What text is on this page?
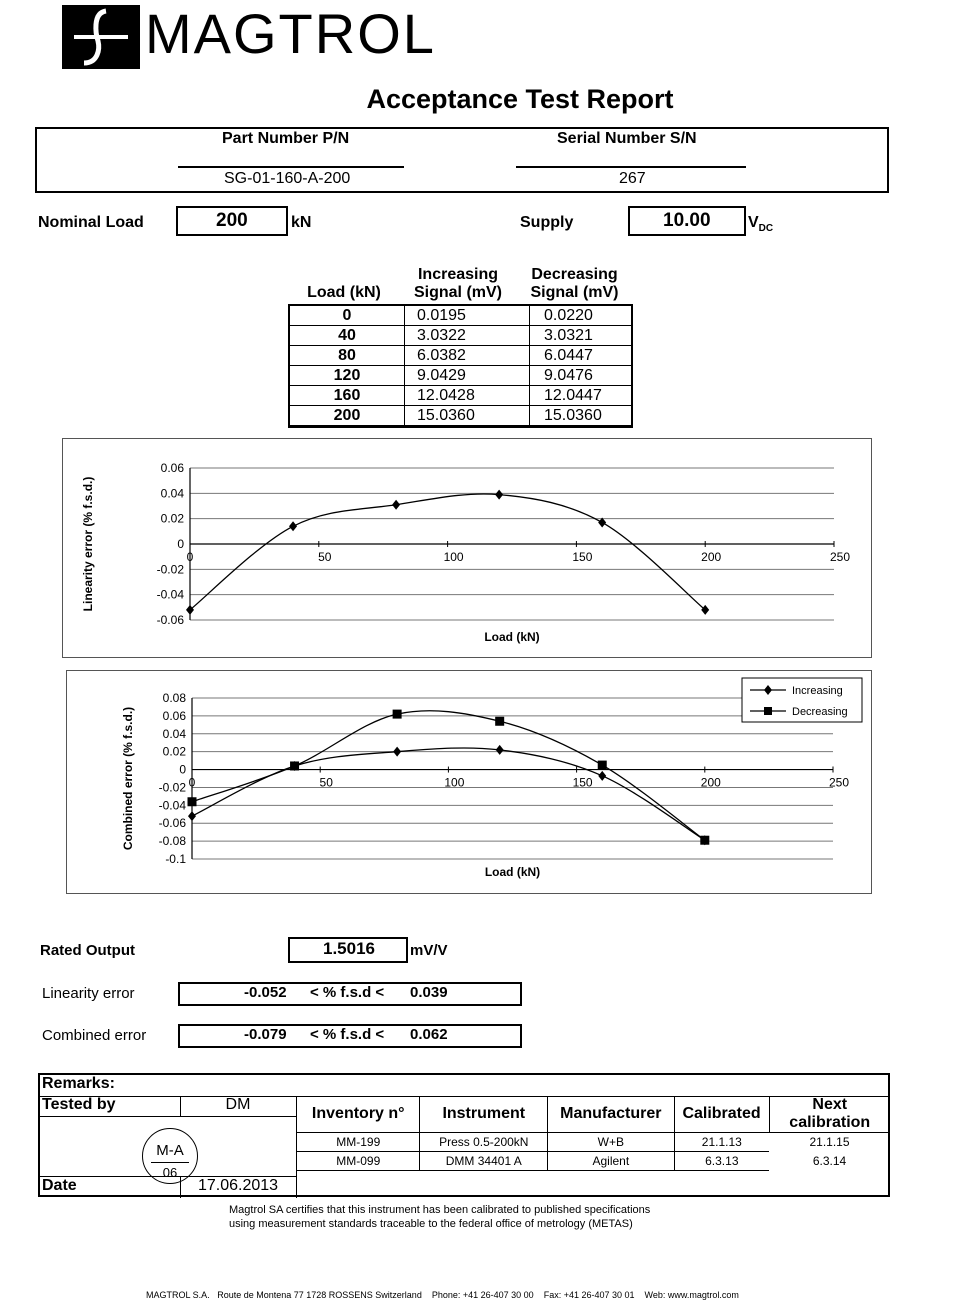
MAGTROL
Acceptance Test Report
Part Number P/N	Serial Number S/N
SG-01-160-A-200	267
Nominal Load	200	kN	Supply	10.00 $V_{DC}$
Load (kN)
Increasing
Signal (mV)
Decreasing
Signal (mV)
0	0.0195	0.0220
40	3.0322	3.0321
80	6.0382	6.0447
120	9.0429	9.0476
160	12.0428	12.0447
200	15.0360	15.0360
0.06
0.04
0.02
0
-0.02
-0.04
-0.06
0	50	100	150	200	250
Load (kN)
Linearity error (% f.s.d.)
0.08
0.06
0.04
0.02
0
-0.02
-0.04
-0.06
-0.08
-0.1
0	50	100	150	200	250
Load (kN)
Combined error (% f.s.d.)
Increasing
Decreasing
Rated Output	1.5016 mV/V
Linearity error	-0.052 < % f.s.d < 0.039
Combined error	-0.079 < % f.s.d < 0.062
Remarks:
Tested by	DM
Date	17.06.2013
M-A
06
Inventory n°	Instrument	Manufacturer	Calibrated	Next calibration
MM-199	Press 0.5-200kN	W+B	21.1.13	21.1.15
MM-099	DMM 34401 A	Agilent	6.3.13	6.3.14
Magtrol SA certifies that this instrument has been calibrated to published specifications
using measurement standards traceable to the federal office of metrology (METAS)
MAGTROL S.A. Route de Montena 77 1728 ROSSENS Switzerland Phone: +41 26-407 30 00 Fax: +41 26-407 30 01 Web: www.magtrol.com
